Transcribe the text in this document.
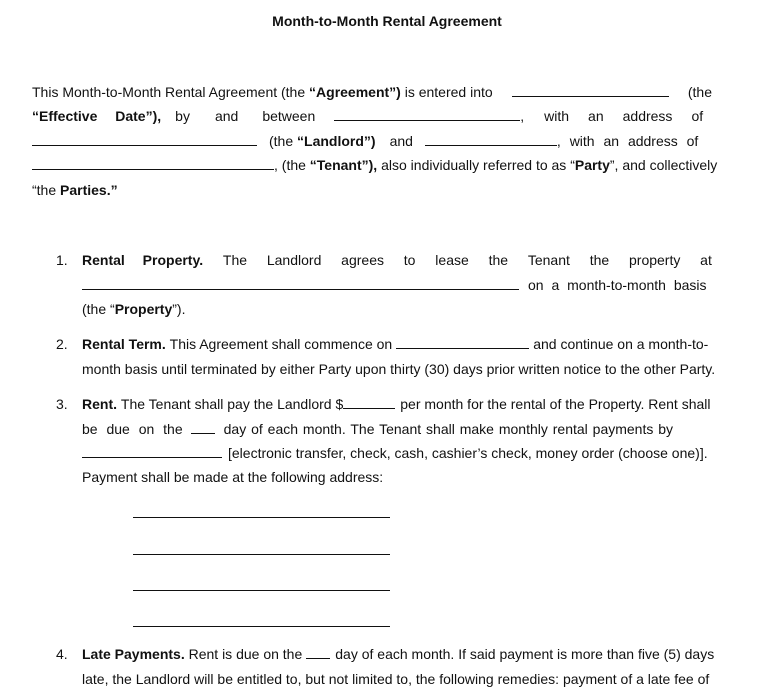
Month-to-Month Rental Agreement
This Month-to-Month Rental Agreement (the “Agreement”) is entered into	(the
“Effective Date”), by and between	, with an address of
(the
“Landlord”) and	, with an address of
, (the
“Tenant”),
also individually referred to as “ Party ”, and collectively
“the
Parties.”
1. Rental Property. The Landlord agrees to lease the Tenant the property at
on a month-to-month basis
(the “ Property ”).
2. Rental Term.
This Agreement shall commence on	and continue on a month-to-
month basis until terminated by either Party upon thirty (30) days prior written notice to the other Party.
3. Rent.
The Tenant shall pay the Landlord $	per month for the rental of the Property. Rent shall
be due on the	day of each month. The Tenant shall make monthly rental payments by
[electronic transfer, check, cash, cashier’s check, money order (choose one)].
Payment shall be made at the following address:
4. Late Payments.
Rent is due on the day of each month. If said payment is more than five (5) days
late, the Landlord will be entitled to, but not limited to, the following remedies: payment of a late fee of
